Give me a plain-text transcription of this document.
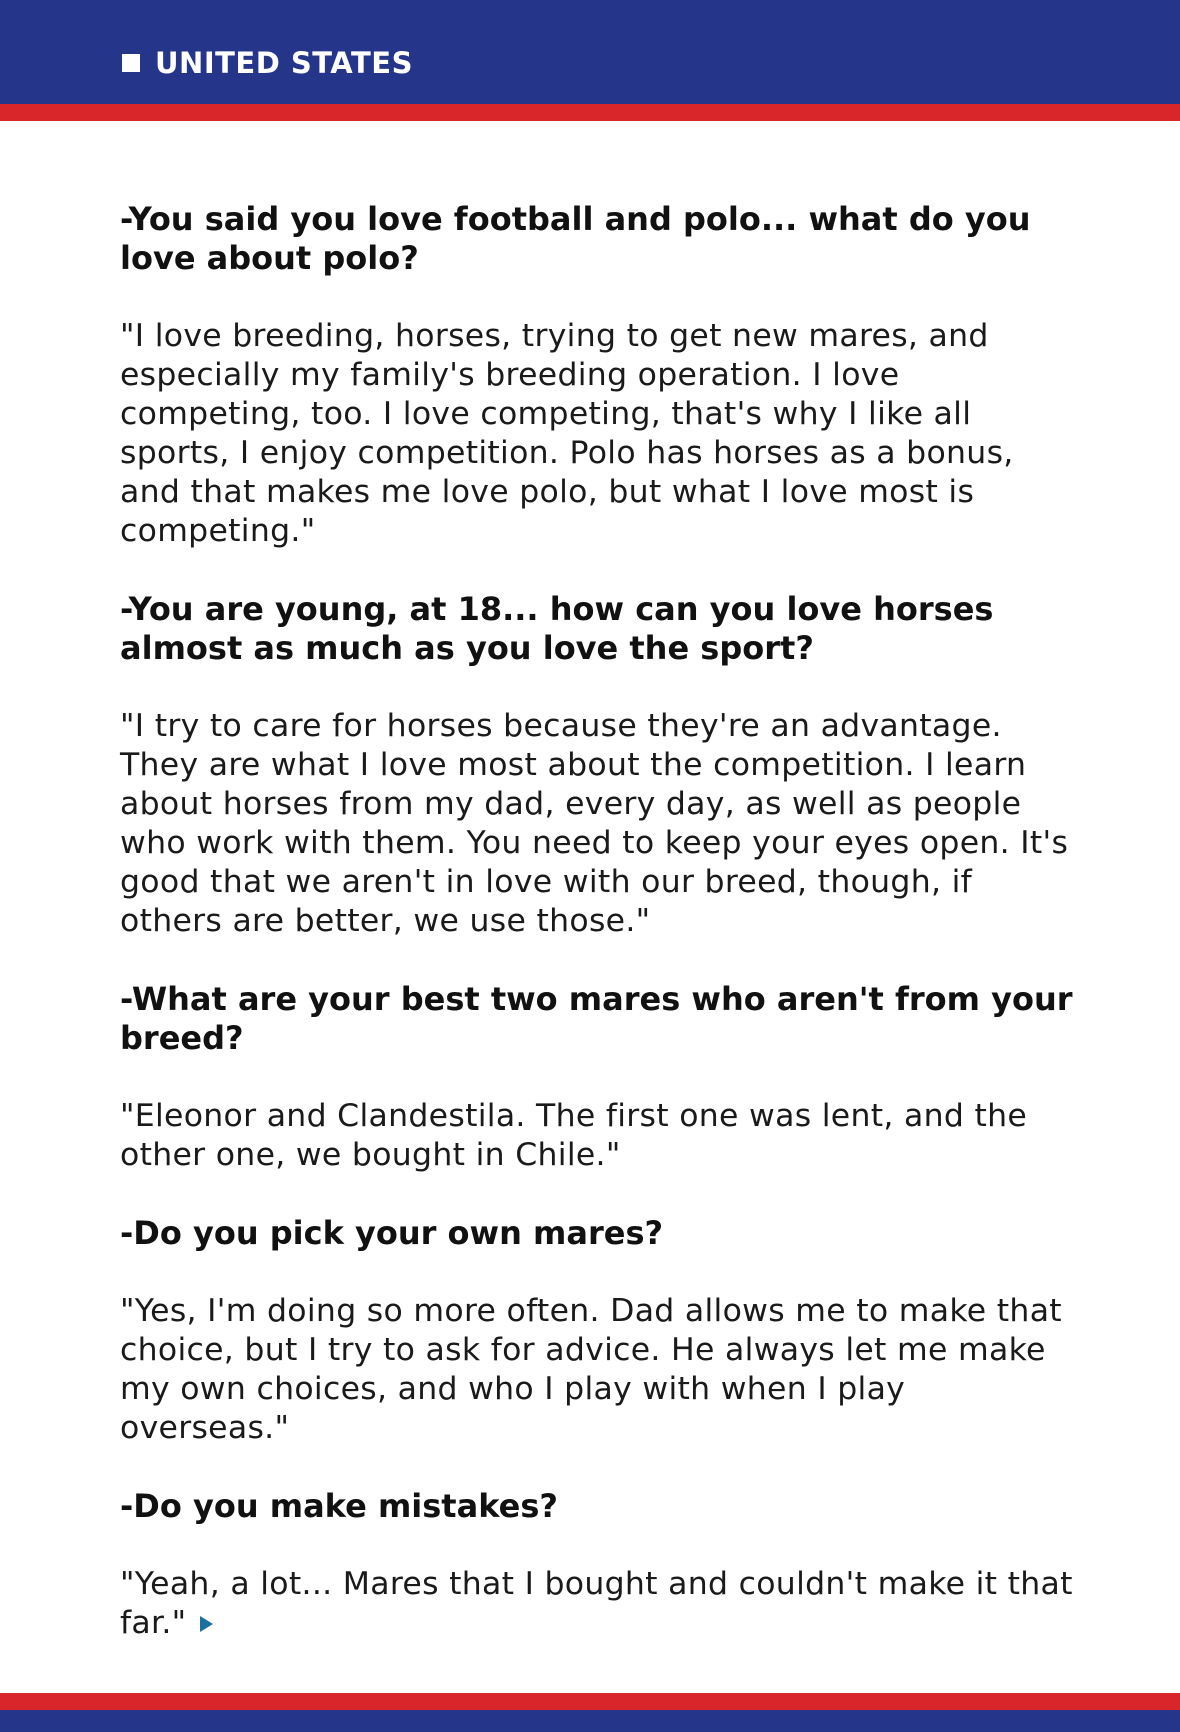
UNITED STATES

-You said you love football and polo... what do you love about polo?

"I love breeding, horses, trying to get new mares, and especially my family's breeding operation. I love competing, too. I love competing, that's why I like all sports, I enjoy competition. Polo has horses as a bonus, and that makes me love polo, but what I love most is competing."

-You are young, at 18... how can you love horses almost as much as you love the sport?

"I try to care for horses because they're an advantage. They are what I love most about the competition. I learn about horses from my dad, every day, as well as people who work with them. You need to keep your eyes open. It's good that we aren't in love with our breed, though, if others are better, we use those."

-What are your best two mares who aren't from your breed?

"Eleonor and Clandestila. The first one was lent, and the other one, we bought in Chile."

-Do you pick your own mares?

"Yes, I'm doing so more often. Dad allows me to make that choice, but I try to ask for advice. He always let me make my own choices, and who I play with when I play overseas."

-Do you make mistakes?

"Yeah, a lot... Mares that I bought and couldn't make it that far."
